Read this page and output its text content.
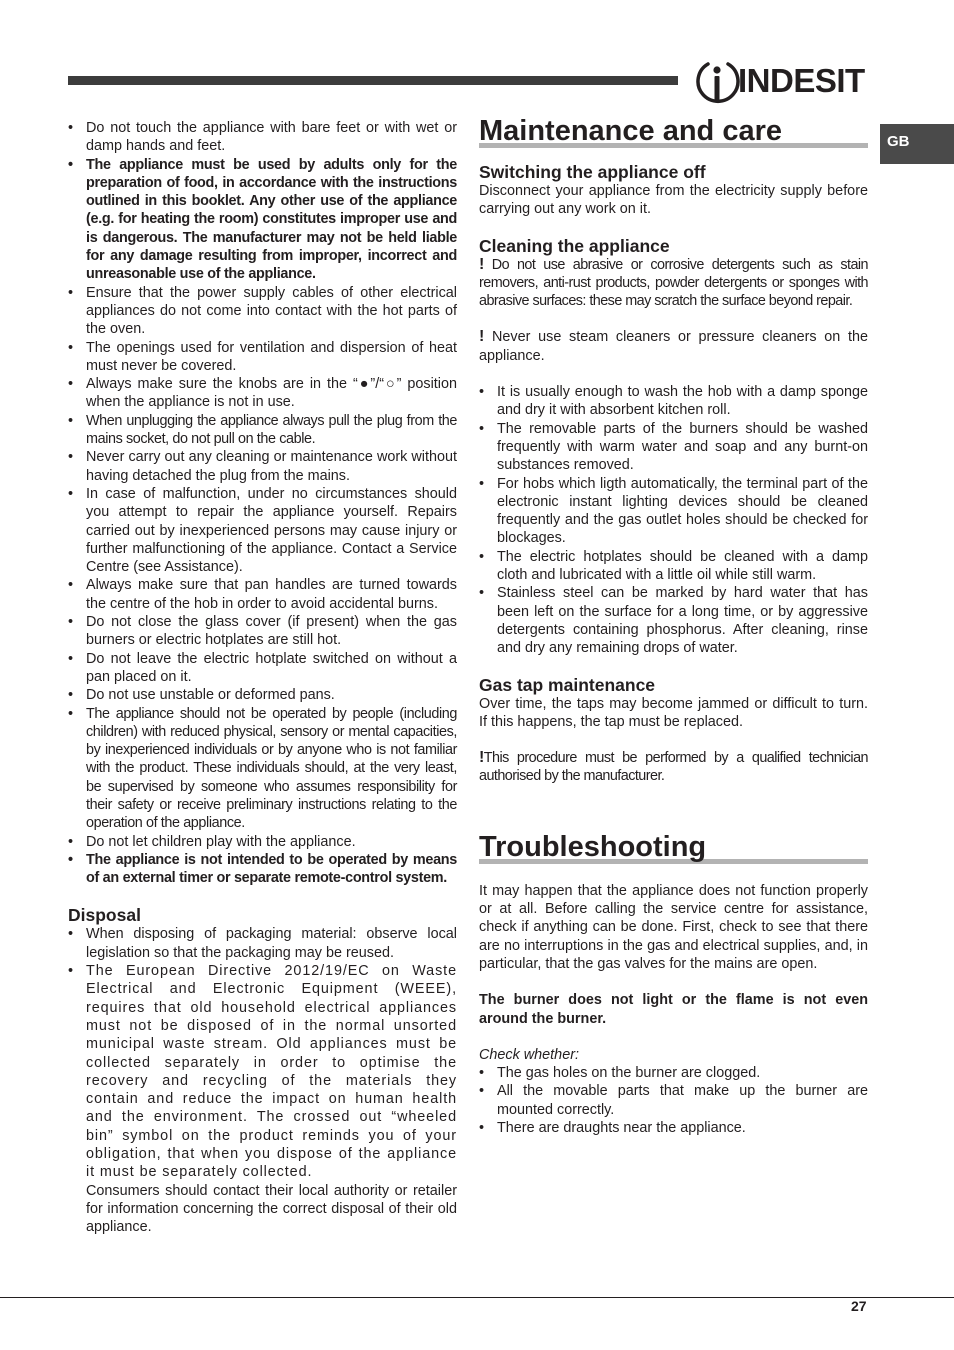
INDESIT
GB
• Do not touch the appliance with bare feet or with wet or damp hands and feet.
• The appliance must be used by adults only for the preparation of food, in accordance with the instructions outlined in this booklet. Any other use of the appliance (e.g. for heating the room) constitutes improper use and is dangerous. The manufacturer may not be held liable for any damage resulting from improper, incorrect and unreasonable use of the appliance.
• Ensure that the power supply cables of other electrical appliances do not come into contact with the hot parts of the oven.
• The openings used for ventilation and dispersion of heat must never be covered.
• Always make sure the knobs are in the “●”/“○” position when the appliance is not in use.
• When unplugging the appliance always pull the plug from the mains socket, do not pull on the cable.
• Never carry out any cleaning or maintenance work without having detached the plug from the mains.
• In case of malfunction, under no circumstances should you attempt to repair the appliance yourself. Repairs carried out by inexperienced persons may cause injury or further malfunctioning of the appliance. Contact a Service Centre (see Assistance).
• Always make sure that pan handles are turned towards the centre of the hob in order to avoid accidental burns.
• Do not close the glass cover (if present) when the gas burners or electric hotplates are still hot.
• Do not leave the electric hotplate switched on without a pan placed on it.
• Do not use unstable or deformed pans.
• The appliance should not be operated by people (including children) with reduced physical, sensory or mental capacities, by inexperienced individuals or by anyone who is not familiar with the product. These individuals should, at the very least, be supervised by someone who assumes responsibility for their safety or receive preliminary instructions relating to the operation of the appliance.
• Do not let children play with the appliance.
• The appliance is not intended to be operated by means of an external timer or separate remote-control system.
Disposal
• When disposing of packaging material: observe local legislation so that the packaging may be reused.
• The European Directive 2012/19/EC on Waste Electrical and Electronic Equipment (WEEE), requires that old household electrical appliances must not be disposed of in the normal unsorted municipal waste stream. Old appliances must be collected separately in order to optimise the recovery and recycling of the materials they contain and reduce the impact on human health and the environment. The crossed out “wheeled bin” symbol on the product reminds you of your obligation, that when you dispose of the appliance it must be separately collected.

Consumers should contact their local authority or retailer for information concerning the correct disposal of their old appliance.

Maintenance and care
Switching the appliance off

Disconnect your appliance from the electricity supply before carrying out any work on it.

Cleaning the appliance

! Do not use abrasive or corrosive detergents such as stain removers, anti-rust products, powder detergents or sponges with abrasive surfaces: these may scratch the surface beyond repair.

! Never use steam cleaners or pressure cleaners on the appliance.

• It is usually enough to wash the hob with a damp sponge and dry it with absorbent kitchen roll.
• The removable parts of the burners should be washed frequently with warm water and soap and any burnt-on substances removed.
• For hobs which ligth automatically, the terminal part of the electronic instant lighting devices should be cleaned frequently and the gas outlet holes should be checked for blockages.
• The electric hotplates should be cleaned with a damp cloth and lubricated with a little oil while still warm.
• Stainless steel can be marked by hard water that has been left on the surface for a long time, or by aggressive detergents containing phosphorus. After cleaning, rinse and dry any remaining drops of water.
Gas tap maintenance

Over time, the taps may become jammed or difficult to turn. If this happens, the tap must be replaced.

!This procedure must be performed by a qualified technician authorised by the manufacturer.

Troubleshooting

It may happen that the appliance does not function properly or at all. Before calling the service centre for assistance, check if anything can be done. First, check to see that there are no interruptions in the gas and electrical supplies, and, in particular, that the gas valves for the mains are open.

The burner does not light or the flame is not even around the burner.

Check whether:

• The gas holes on the burner are clogged.
• All the movable parts that make up the burner are mounted correctly.
• There are draughts near the appliance.
27
